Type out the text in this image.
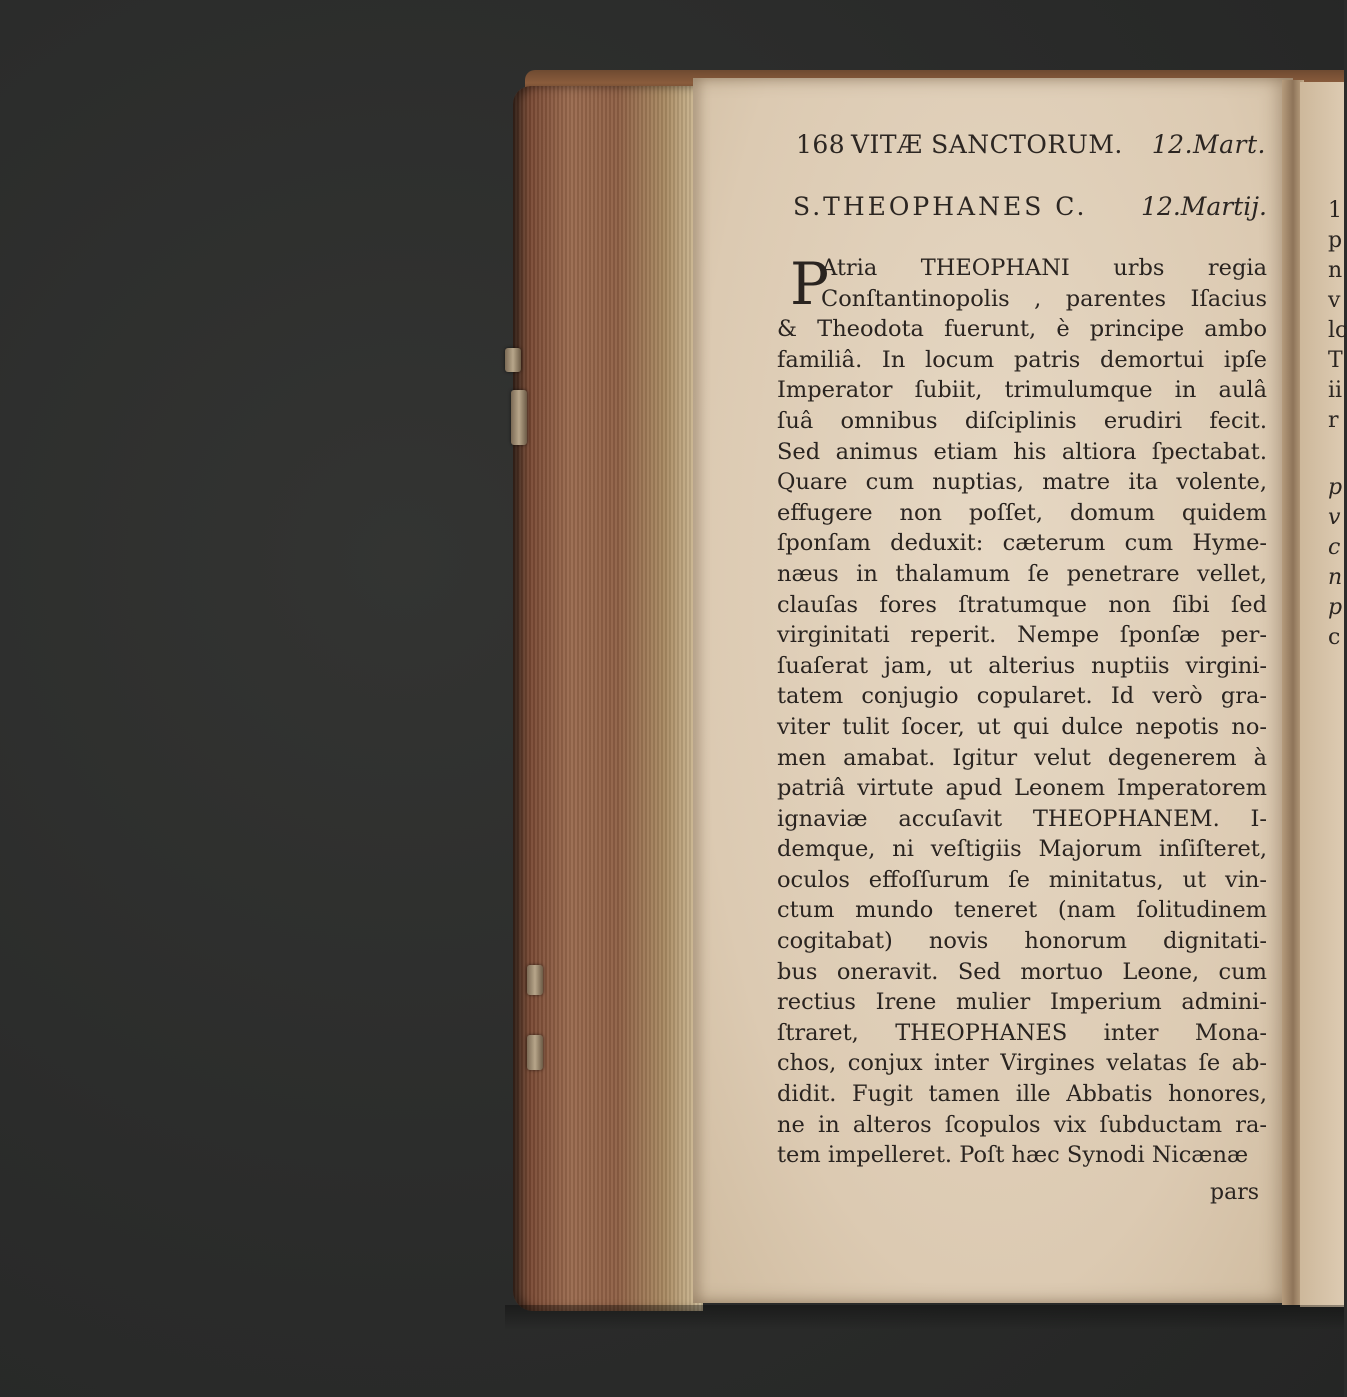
1
p
n
v
lc
T
ii
r
p
v
c
n
p
c
168 VITÆ SANCTORUM. 12.Mart.
S.THEOPHANES C. 12.Martij.
P
Atria THEOPHANI urbs regia
Conſtantinopolis , parentes Iſacius
& Theodota fuerunt, è principe ambo
familiâ. In locum patris demortui ipſe
Imperator ſubiit, trimulumque in aulâ
ſuâ omnibus diſciplinis erudiri fecit.
Sed animus etiam his altiora ſpectabat.
Quare cum nuptias, matre ita volente,
effugere non poſſet, domum quidem
ſponſam deduxit: cæterum cum Hyme-
næus in thalamum ſe penetrare vellet,
clauſas fores ſtratumque non ſibi ſed
virginitati reperit. Nempe ſponſæ per-
ſuaſerat jam, ut alterius nuptiis virgini-
tatem conjugio copularet. Id verò gra-
viter tulit ſocer, ut qui dulce nepotis no-
men amabat. Igitur velut degenerem à
patriâ virtute apud Leonem Imperatorem
ignaviæ accuſavit THEOPHANEM. I-
demque, ni veſtigiis Majorum inſiſteret,
oculos effoſſurum ſe minitatus, ut vin-
ctum mundo teneret (nam ſolitudinem
cogitabat) novis honorum dignitati-
bus oneravit. Sed mortuo Leone, cum
rectius Irene mulier Imperium admini-
ſtraret, THEOPHANES inter Mona-
chos, conjux inter Virgines velatas ſe ab-
didit. Fugit tamen ille Abbatis honores,
ne in alteros ſcopulos vix ſubductam ra-
tem impelleret. Poſt hæc Synodi Nicænæ
pars
